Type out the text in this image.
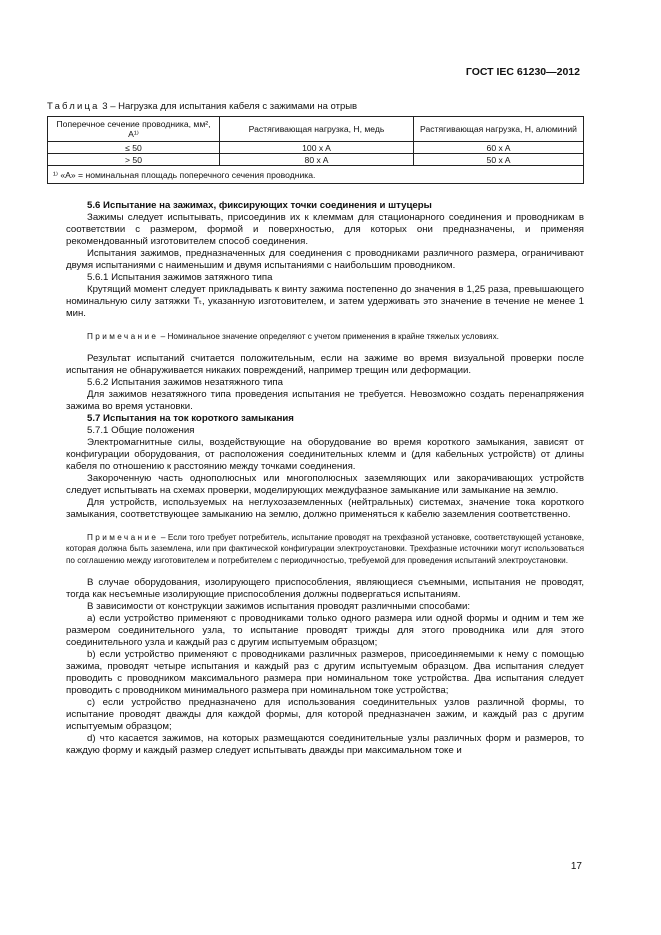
ГОСТ IEC 61230—2012
Таблица 3 – Нагрузка для испытания кабеля с зажимами на отрыв
Поперечное сечение проводника, мм², А¹⁾	Растягивающая нагрузка, Н, медь	Растягивающая нагрузка, Н, алюминий
≤ 50	100 x A	60 x A
> 50	80 x A	50 x A
¹⁾ «А» = номинальная площадь поперечного сечения проводника.		

5.6 Испытание на зажимах, фиксирующих точки соединения и штуцеры

Зажимы следует испытывать, присоединив их к клеммам для стационарного соединения и проводникам в соответствии с размером, формой и поверхностью, для которых они предназначены, и применяя рекомендованный изготовителем способ соединения.

Испытания зажимов, предназначенных для соединения с проводниками различного размера, ограничивают двумя испытаниями с наименьшим и двумя испытаниями с наибольшим проводником.

5.6.1 Испытания зажимов затяжного типа

Крутящий момент следует прикладывать к винту зажима постепенно до значения в 1,25 раза, превышающего номинальную силу затяжки Тₜ, указанную изготовителем, и затем удерживать это значение в течение не менее 1 мин.

Примечание – Номинальное значение определяют с учетом применения в крайне тяжелых условиях.

Результат испытаний считается положительным, если на зажиме во время визуальной проверки после испытания не обнаруживается никаких повреждений, например трещин или деформации.

5.6.2 Испытания зажимов незатяжного типа

Для зажимов незатяжного типа проведения испытания не требуется. Невозможно создать перенапряжения зажима во время установки.

5.7 Испытания на ток короткого замыкания

5.7.1 Общие положения

Электромагнитные силы, воздействующие на оборудование во время короткого замыкания, зависят от конфигурации оборудования, от расположения соединительных клемм и (для кабельных устройств) от длины кабеля по отношению к расстоянию между точками соединения.

Закороченную часть однополюсных или многополюсных заземляющих или закорачивающих устройств следует испытывать на схемах проверки, моделирующих междуфазное замыкание или замыкание на землю.

Для устройств, используемых на неглухозаземленных (нейтральных) системах, значение тока короткого замыкания, соответствующее замыканию на землю, должно применяться к кабелю заземления соответственно.

Примечание – Если того требует потребитель, испытание проводят на трехфазной установке, соответствующей установке, которая должна быть заземлена, или при фактической конфигурации электроустановки. Трехфазные источники могут использоваться по соглашению между изготовителем и потребителем с периодичностью, требуемой для проведения испытаний электроустановки.

В случае оборудования, изолирующего приспособления, являющиеся съемными, испытания не проводят, тогда как несъемные изолирующие приспособления должны подвергаться испытаниям.

В зависимости от конструкции зажимов испытания проводят различными способами:

а) если устройство применяют с проводниками только одного размера или одной формы и одним и тем же размером соединительного узла, то испытание проводят трижды для этого проводника или для этого соединительного узла и каждый раз с другим испытуемым образцом;

b) если устройство применяют с проводниками различных размеров, присоединяемыми к нему с помощью зажима, проводят четыре испытания и каждый раз с другим испытуемым образцом. Два испытания следует проводить с проводником максимального размера при номинальном токе устройства. Два испытания следует проводить с проводником минимального размера при номинальном токе устройства;

c) если устройство предназначено для использования соединительных узлов различной формы, то испытание проводят дважды для каждой формы, для которой предназначен зажим, и каждый раз с другим испытуемым образцом;

d) что касается зажимов, на которых размещаются соединительные узлы различных форм и размеров, то каждую форму и каждый размер следует испытывать дважды при максимальном токе и

17
